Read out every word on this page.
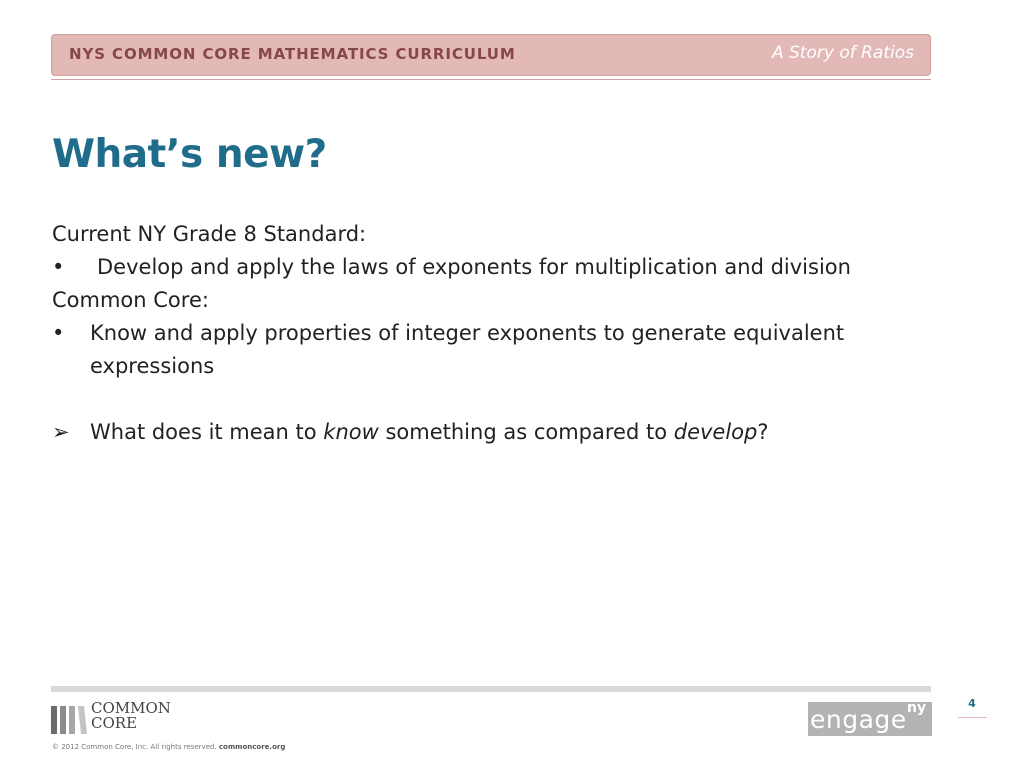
NYS COMMON CORE MATHEMATICS CURRICULUM	A Story of Ratios
What’s new?
Current NY Grade 8 Standard:
•	Develop and apply the laws of exponents for multiplication and division
Common Core:
•	Know and apply properties of integer exponents to generate equivalent expressions
➢ What does it mean to know something as compared to develop?
COMMON
CORE
© 2012 Common Core, Inc. All rights reserved. commoncore.org
engage ny	4
